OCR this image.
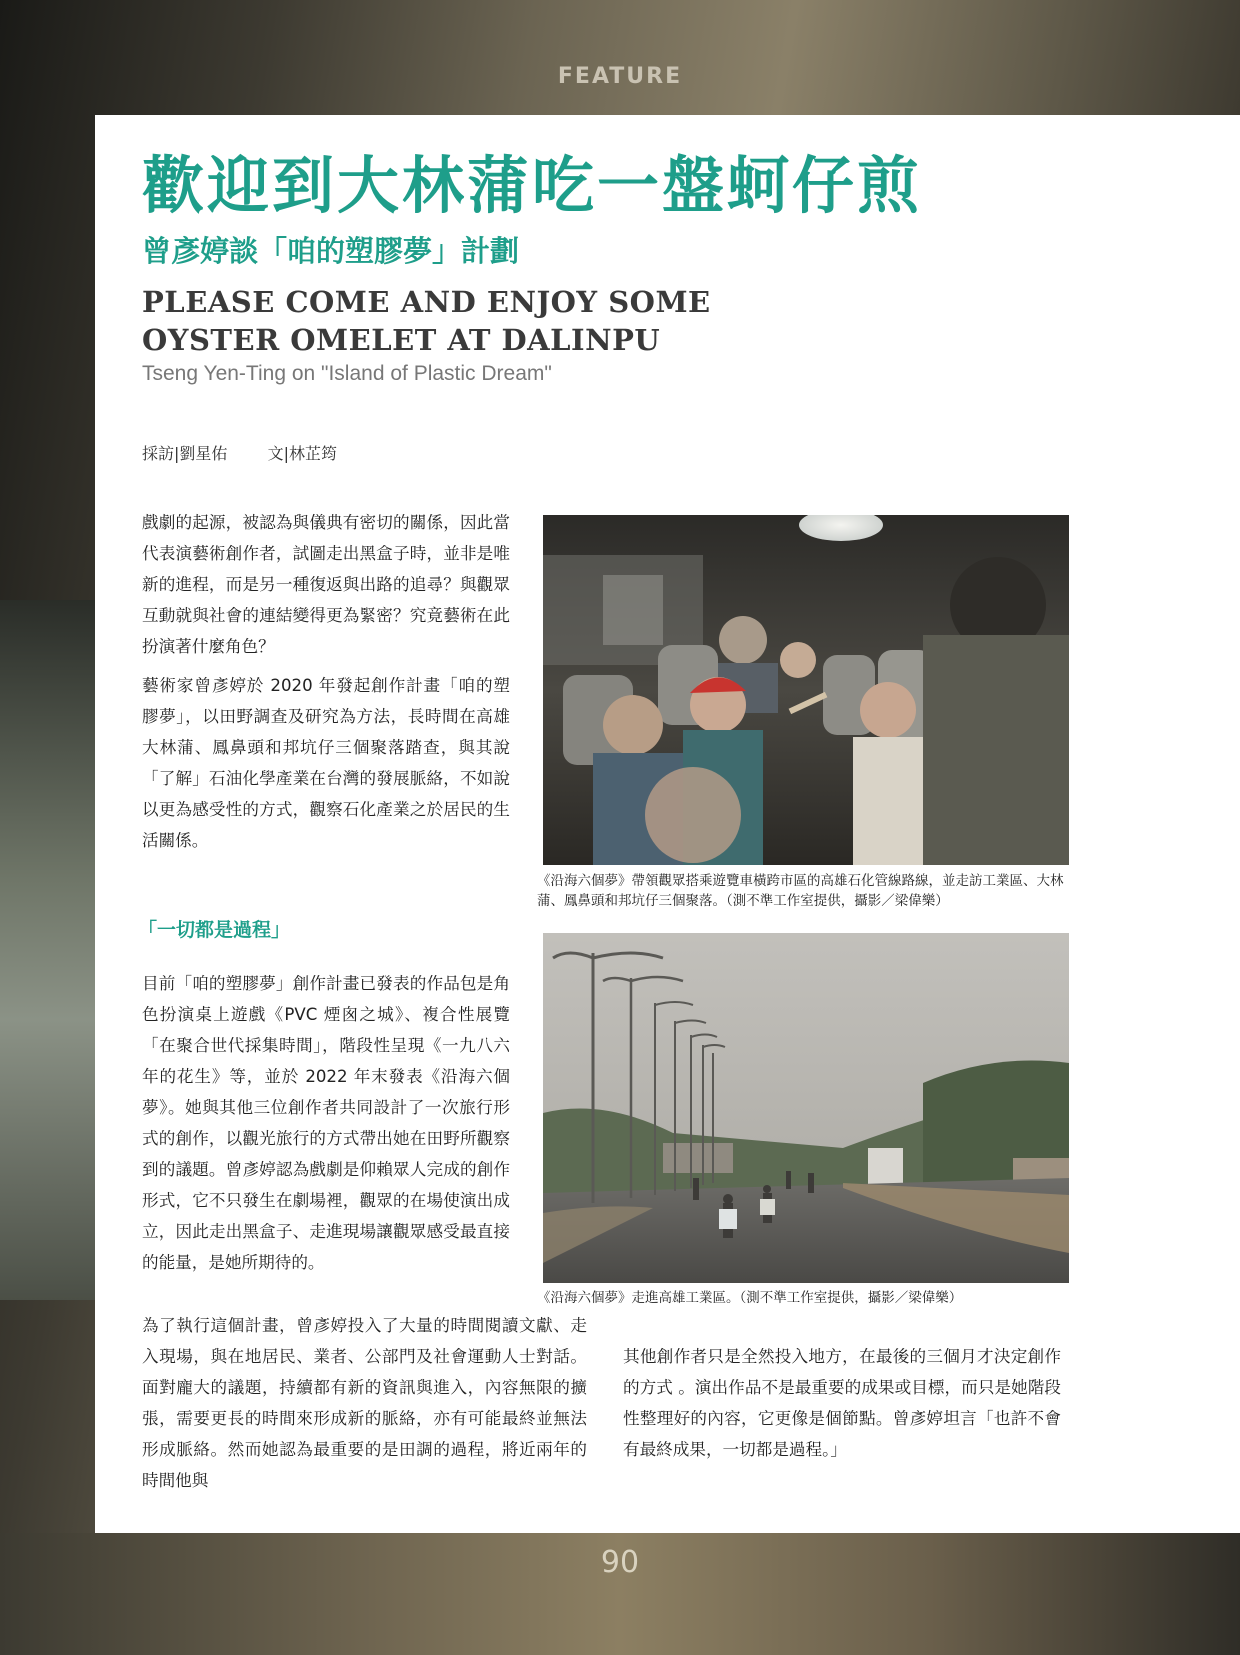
FEATURE
歡迎到大林蒲吃一盤蚵仔煎
曾彥婷談「咱的塑膠夢」計劃
PLEASE COME AND ENJOY SOME
OYSTER OMELET AT DALINPU
Tseng Yen-Ting on "Island of Plastic Dream"
採訪|劉星佑	文|林芷筠

戲劇的起源，被認為與儀典有密切的關係，因此當代表演藝術創作者，試圖走出黑盒子時，並非是唯新的進程，而是另一種復返與出路的追尋？與觀眾互動就與社會的連結變得更為緊密？究竟藝術在此扮演著什麼角色？

藝術家曾彥婷於 2020 年發起創作計畫「咱的塑膠夢」，以田野調查及研究為方法，長時間在高雄大林蒲、鳳鼻頭和邦坑仔三個聚落踏查，與其說「了解」石油化學產業在台灣的發展脈絡，不如說以更為感受性的方式，觀察石化產業之於居民的生活關係。

「一切都是過程」

目前「咱的塑膠夢」創作計畫已發表的作品包是角色扮演桌上遊戲《PVC 煙囪之城》、複合性展覽「在聚合世代採集時間」，階段性呈現《一九八六年的花生》等，並於 2022 年末發表《沿海六個夢》。她與其他三位創作者共同設計了一次旅行形式的創作，以觀光旅行的方式帶出她在田野所觀察到的議題。曾彥婷認為戲劇是仰賴眾人完成的創作形式，它不只發生在劇場裡，觀眾的在場使演出成立，因此走出黑盒子、走進現場讓觀眾感受最直接的能量，是她所期待的。

為了執行這個計畫，曾彥婷投入了大量的時間閱讀文獻、走入現場，與在地居民、業者、公部門及社會運動人士對話。面對龐大的議題，持續都有新的資訊與進入，內容無限的擴張，需要更長的時間來形成新的脈絡，亦有可能最終並無法形成脈絡。然而她認為最重要的是田調的過程，將近兩年的時間他與

其他創作者只是全然投入地方，在最後的三個月才決定創作的方式 。演出作品不是最重要的成果或目標，而只是她階段性整理好的內容，它更像是個節點。曾彥婷坦言「也許不會有最終成果，一切都是過程。」

《沿海六個夢》帶領觀眾搭乘遊覽車橫跨市區的高雄石化管線路線，並走訪工業區、大林蒲、鳳鼻頭和邦坑仔三個聚落。（測不準工作室提供，攝影／梁偉樂）
《沿海六個夢》走進高雄工業區。（測不準工作室提供，攝影／梁偉樂）
90
